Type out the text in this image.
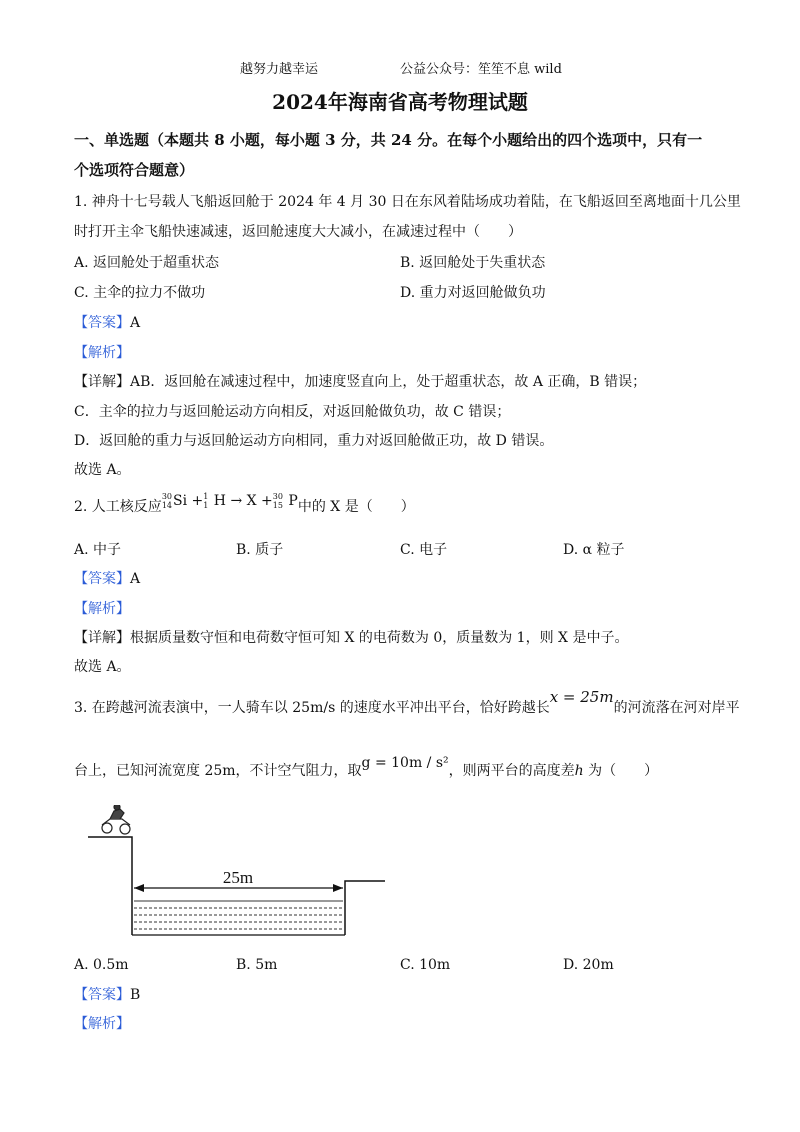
越努力越幸运	公益公众号：笙笙不息 wild
2024年海南省高考物理试题
一、单选题（本题共 8 小题，每小题 3 分，共 24 分。在每个小题给出的四个选项中，只有一
个选项符合题意）
1. 神舟十七号载人飞船返回舱于 2024 年 4 月 30 日在东风着陆场成功着陆，在飞船返回至离地面十几公里
时打开主伞飞船快速减速，返回舱速度大大减小，在减速过程中（　　）
A. 返回舱处于超重状态	B. 返回舱处于失重状态
C. 主伞的拉力不做功	D. 重力对返回舱做负功
【答案】A
【解析】
【详解】AB．返回舱在减速过程中，加速度竖直向上，处于超重状态，故 A 正确，B 错误；
C．主伞的拉力与返回舱运动方向相反，对返回舱做负功，故 C 错误；
D．返回舱的重力与返回舱运动方向相同，重力对返回舱做正功，故 D 错误。
故选 A。
2. 人工核反应30
14Si +1
1 H → X +30
15 P中的 X 是（　　）
A. 中子	B. 质子	C. 电子	D. α 粒子
【答案】A
【解析】
【详解】根据质量数守恒和电荷数守恒可知 X 的电荷数为 0，质量数为 1，则 X 是中子。
故选 A。
3. 在跨越河流表演中，一人骑车以 25m/s 的速度水平冲出平台，恰好跨越长x = 25m的河流落在河对岸平
台上，已知河流宽度 25m，不计空气阻力，取g = 10m / s²，则两平台的高度差h 为（　　）
25m
A. 0.5m	B. 5m	C. 10m	D. 20m
【答案】B
【解析】
